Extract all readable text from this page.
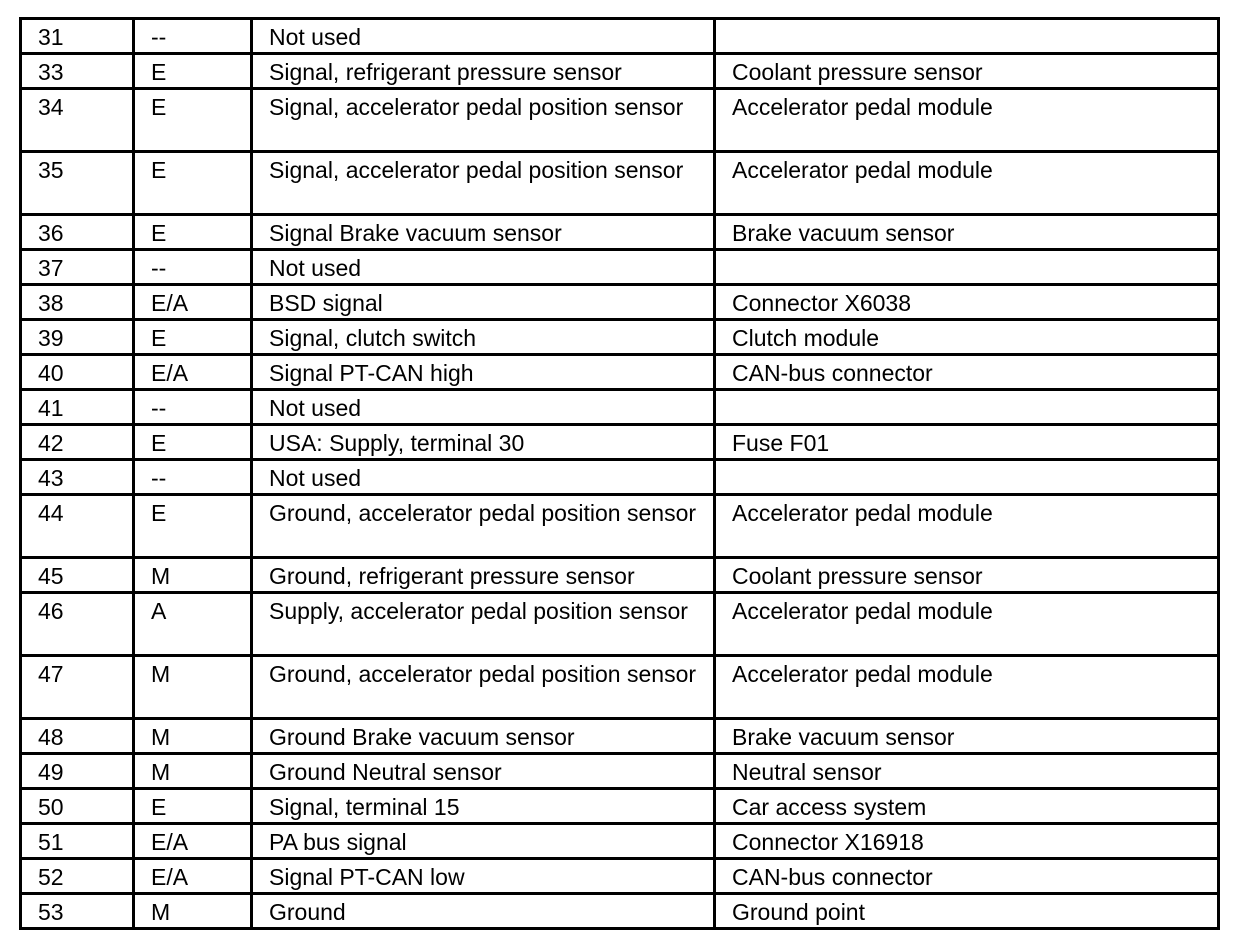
31	--	Not used	
33	E	Signal, refrigerant pressure sensor	Coolant pressure sensor
34	E	Signal, accelerator pedal position sensor	Accelerator pedal module
35	E	Signal, accelerator pedal position sensor	Accelerator pedal module
36	E	Signal Brake vacuum sensor	Brake vacuum sensor
37	--	Not used	
38	E/A	BSD signal	Connector X6038
39	E	Signal, clutch switch	Clutch module
40	E/A	Signal PT-CAN high	CAN-bus connector
41	--	Not used	
42	E	USA: Supply, terminal 30	Fuse F01
43	--	Not used	
44	E	Ground, accelerator pedal position sensor	Accelerator pedal module
45	M	Ground, refrigerant pressure sensor	Coolant pressure sensor
46	A	Supply, accelerator pedal position sensor	Accelerator pedal module
47	M	Ground, accelerator pedal position sensor	Accelerator pedal module
48	M	Ground Brake vacuum sensor	Brake vacuum sensor
49	M	Ground Neutral sensor	Neutral sensor
50	E	Signal, terminal 15	Car access system
51	E/A	PA bus signal	Connector X16918
52	E/A	Signal PT-CAN low	CAN-bus connector
53	M	Ground	Ground point
